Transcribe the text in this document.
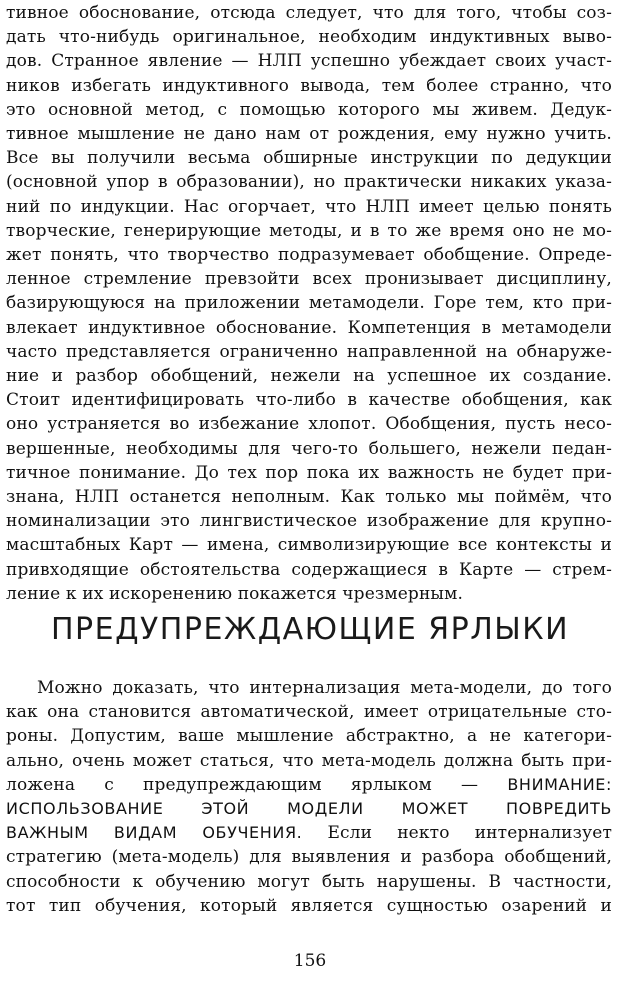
тивное обоснование, отсюда следует, что для того, чтобы соз-
дать что-нибудь оригинальное, необходим индуктивных выво-
дов. Странное явление — НЛП успешно убеждает своих участ-
ников избегать индуктивного вывода, тем более странно, что
это основной метод, с помощью которого мы живем. Дедук-
тивное мышление не дано нам от рождения, ему нужно учить.
Все вы получили весьма обширные инструкции по дедукции
(основной упор в образовании), но практически никаких указа-
ний по индукции. Нас огорчает, что НЛП имеет целью понять
творческие, генерирующие методы, и в то же время оно не мо-
жет понять, что творчество подразумевает обобщение. Опреде-
ленное стремление превзойти всех пронизывает дисциплину,
базирующуюся на приложении метамодели. Горе тем, кто при-
влекает индуктивное обоснование. Компетенция в метамодели
часто представляется ограниченно направленной на обнаруже-
ние и разбор обобщений, нежели на успешное их создание.
Стоит идентифицировать что-либо в качестве обобщения, как
оно устраняется во избежание хлопот. Обобщения, пусть несо-
вершенные, необходимы для чего-то большего, нежели педан-
тичное понимание. До тех пор пока их важность не будет при-
знана, НЛП останется неполным. Как только мы поймём, что
номинализации это лингвистическое изображение для крупно-
масштабных Карт — имена, символизирующие все контексты и
привходящие обстоятельства содержащиеся в Карте — стрем-
ление к их искоренению покажется чрезмерным.
ПРЕДУПРЕЖДАЮЩИЕ ЯРЛЫКИ
Можно доказать, что интернализация мета-модели, до того
как она становится автоматической, имеет отрицательные сто-
роны. Допустим, ваше мышление абстрактно, а не категори-
ально, очень может статься, что мета-модель должна быть при-
ложена с предупреждающим ярлыком — ВНИМАНИЕ:
ИСПОЛЬЗОВАНИЕ ЭТОЙ МОДЕЛИ МОЖЕТ ПОВРЕДИТЬ
ВАЖНЫМ ВИДАМ ОБУЧЕНИЯ. Если некто интернализует
стратегию (мета-модель) для выявления и разбора обобщений,
способности к обучению могут быть нарушены. В частности,
тот тип обучения, который является сущностью озарений и
156
